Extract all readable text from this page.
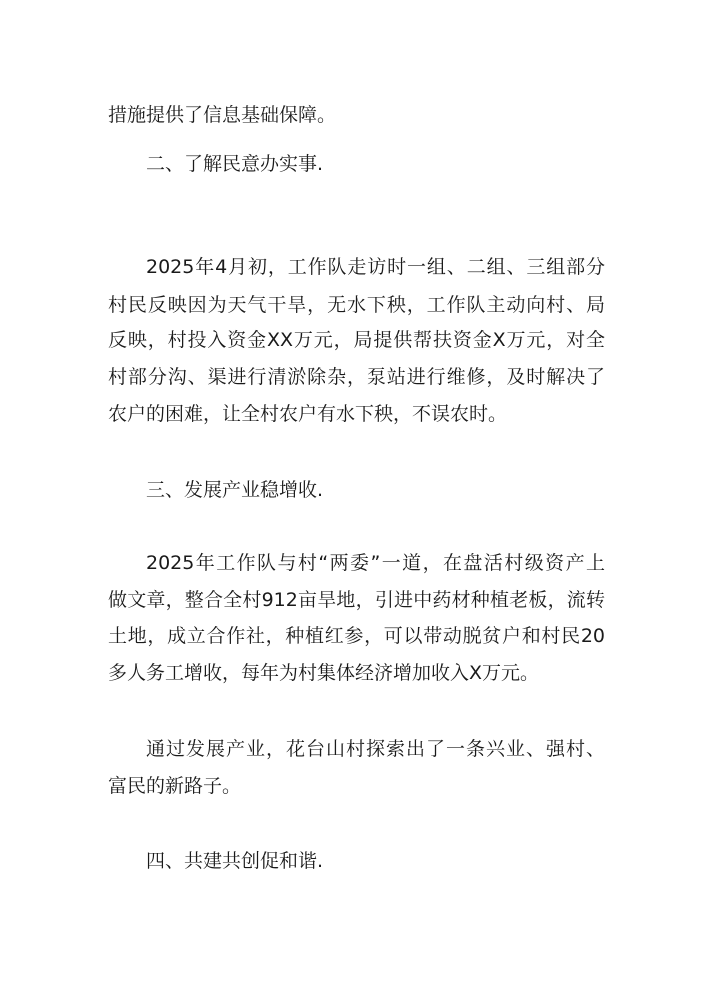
措施提供了信息基础保障。
二、了解民意办实事.
2025年4月初，工作队走访时一组、二组、三组部分
村民反映因为天气干旱，无水下秧，工作队主动向村、局
反映，村投入资金XX万元，局提供帮扶资金X万元，对全
村部分沟、渠进行清淤除杂，泵站进行维修，及时解决了
农户的困难，让全村农户有水下秧，不误农时。
三、发展产业稳增收.
2025年工作队与村“两委”一道，在盘活村级资产上
做文章，整合全村912亩旱地，引进中药材种植老板，流转
土地，成立合作社，种植红参，可以带动脱贫户和村民20
多人务工增收，每年为村集体经济增加收入X万元。
通过发展产业，花台山村探索出了一条兴业、强村、
富民的新路子。
四、共建共创促和谐.
